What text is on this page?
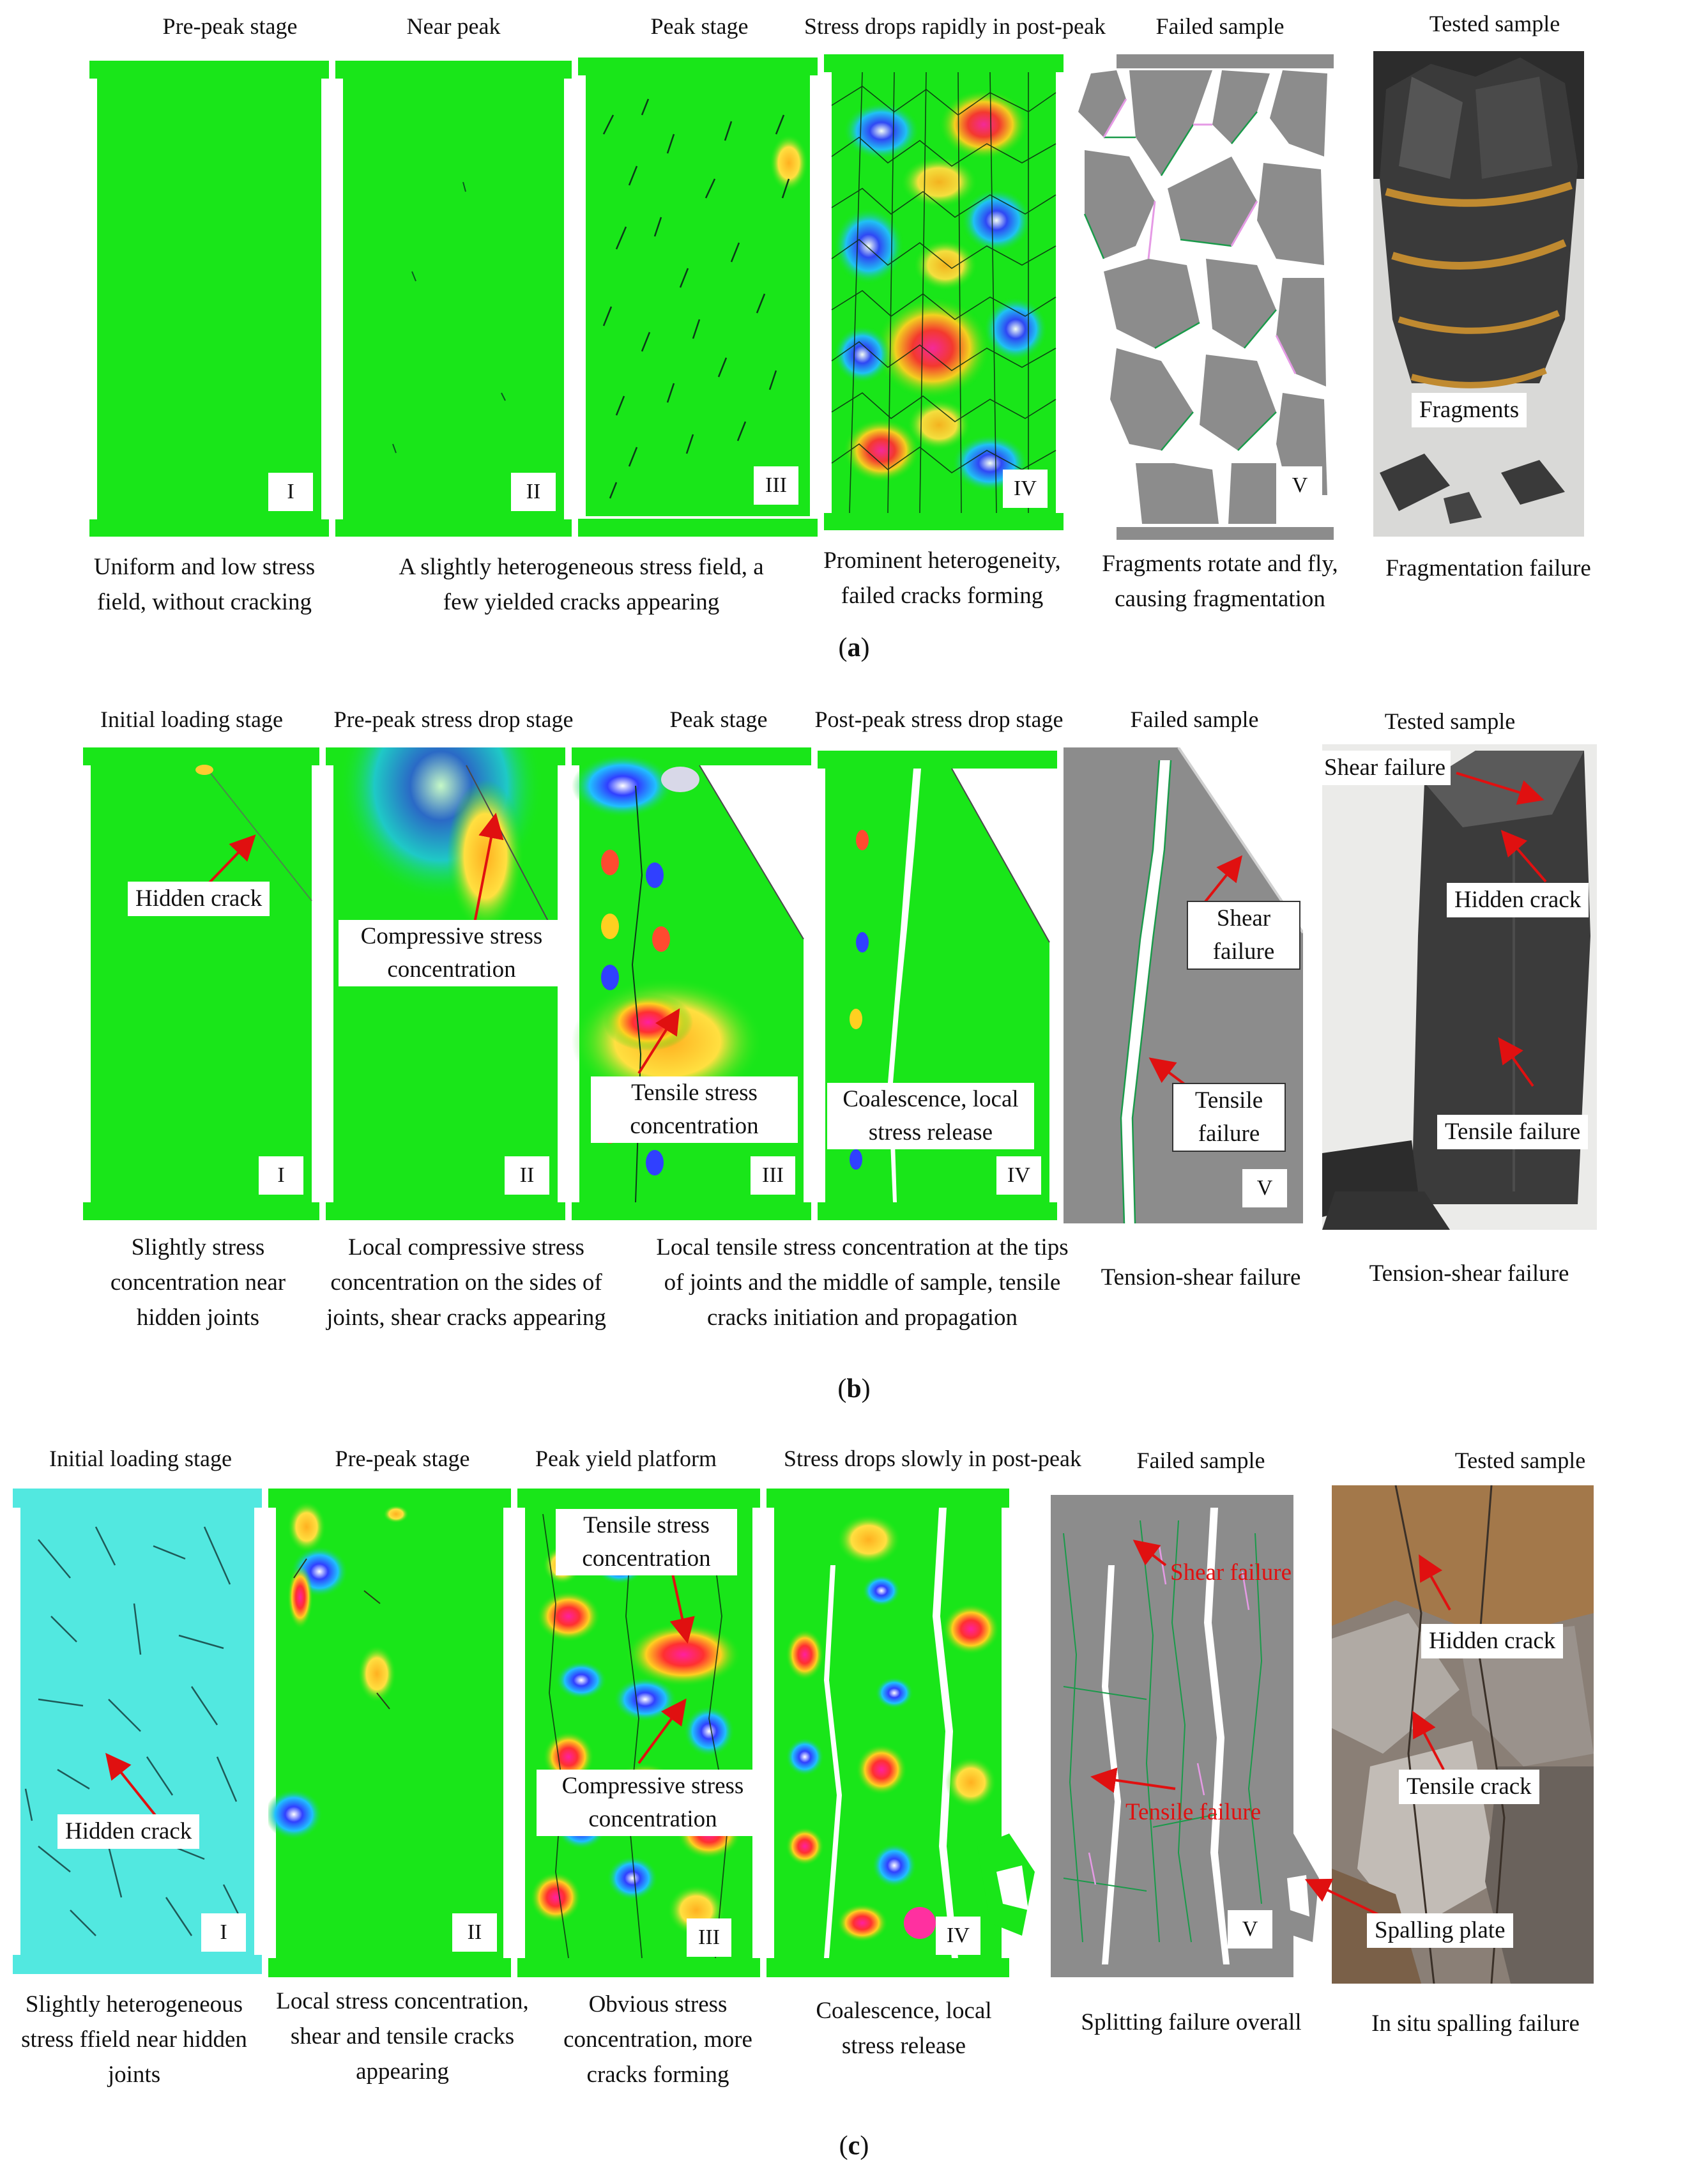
Pre-peak stage	Near peak	Peak stage	Stress drops rapidly in post-peak	Failed sample	Tested sample
I	II	III	IV	V
Fragments
Uniform and low stress field, without cracking
A slightly heterogeneous stress field, a few yielded cracks appearing
Prominent heterogeneity, failed cracks forming
Fragments rotate and fly, causing fragmentation
Fragmentation failure
(a)
Initial loading stage	Pre-peak stress drop stage	Peak stage	Post-peak stress drop stage	Failed sample	Tested sample
Hidden crack
I
Compressive stress concentration
II
Tensile stress concentration
III
Coalescence, local stress release
IV
Shear failure
Tensile failure
V
Shear failure
Hidden crack
Tensile failure
Slightly stress concentration near hidden joints
Local compressive stress concentration on the sides of joints, shear cracks appearing
Local tensile stress concentration at the tips of joints and the middle of sample, tensile cracks initiation and propagation
Tension-shear failure	Tension-shear failure
(b)
Initial loading stage	Pre-peak stage	Peak yield platform	Stress drops slowly in post-peak	Failed sample	Tested sample
Hidden crack
I	II
Tensile stress concentration
Compressive stress concentration
III	IV
Shear failure
Tensile failure
V
Hidden crack
Tensile crack
Spalling plate
Slightly heterogeneous stress ffield near hidden joints
Local stress concentration, shear and tensile cracks appearing
Obvious stress concentration, more cracks forming
Coalescence, local stress release
Splitting failure overall	In situ spalling failure
(c)
